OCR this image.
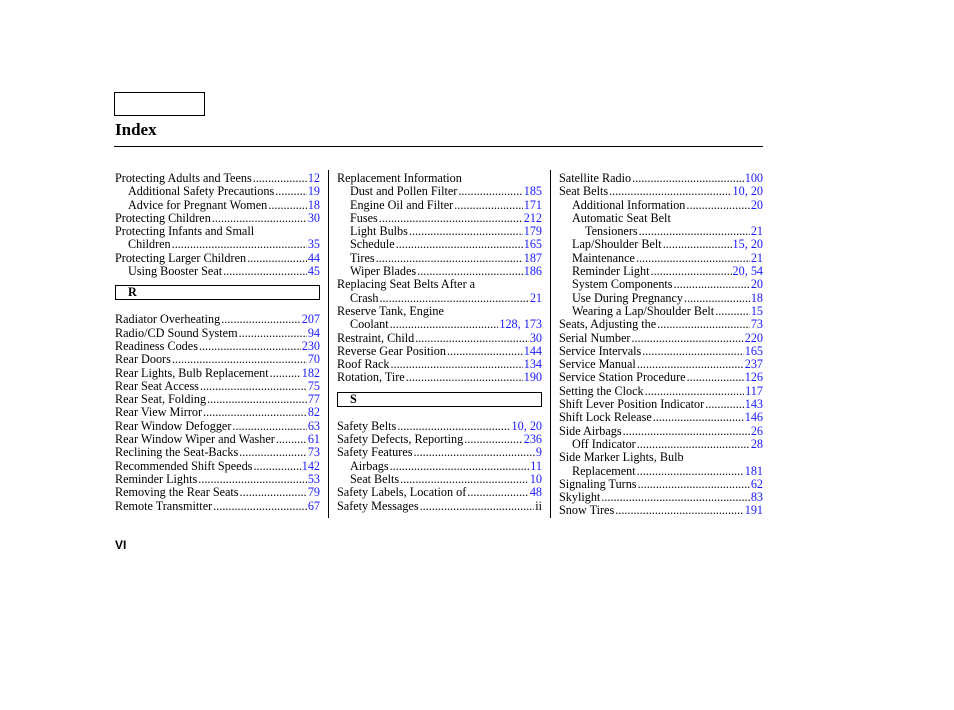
Index
Protecting Adults and Teens .....	12
Additional Safety Precautions .....	19
Advice for Pregnant Women .....	18
Protecting Children .....	30
Protecting Infants and Small
Children .....	35
Protecting Larger Children .....	44
Using Booster Seat .....	45
R
Radiator Overheating .....	207
Radio/CD Sound System .....	94
Readiness Codes .....	230
Rear Doors .....	70
Rear Lights, Bulb Replacement .....	182
Rear Seat Access .....	75
Rear Seat, Folding .....	77
Rear View Mirror .....	82
Rear Window Defogger .....	63
Rear Window Wiper and Washer .....	61
Reclining the Seat-Backs .....	73
Recommended Shift Speeds .....	142
Reminder Lights .....	53
Removing the Rear Seats .....	79
Remote Transmitter .....	67
Replacement Information
Dust and Pollen Filter .....	185
Engine Oil and Filter .....	171
Fuses .....	212
Light Bulbs .....	179
Schedule .....	165
Tires .....	187
Wiper Blades .....	186
Replacing Seat Belts After a
Crash .....	21
Reserve Tank, Engine
Coolant .....	128, 173
Restraint, Child .....	30
Reverse Gear Position .....	144
Roof Rack .....	134
Rotation, Tire .....	190
S
Safety Belts .....	10, 20
Safety Defects, Reporting .....	236
Safety Features .....	9
Airbags .....	11
Seat Belts .....	10
Safety Labels, Location of .....	48
Safety Messages .....	ii
Satellite Radio .....	100
Seat Belts .....	10, 20
Additional Information .....	20
Automatic Seat Belt
Tensioners .....	21
Lap/Shoulder Belt .....	15, 20
Maintenance .....	21
Reminder Light .....	20, 54
System Components .....	20
Use During Pregnancy .....	18
Wearing a Lap/Shoulder Belt .....	15
Seats, Adjusting the .....	73
Serial Number .....	220
Service Intervals .....	165
Service Manual .....	237
Service Station Procedure .....	126
Setting the Clock .....	117
Shift Lever Position Indicator .....	143
Shift Lock Release .....	146
Side Airbags .....	26
Off Indicator .....	28
Side Marker Lights, Bulb
Replacement .....	181
Signaling Turns .....	62
Skylight .....	83
Snow Tires .....	191
VI
